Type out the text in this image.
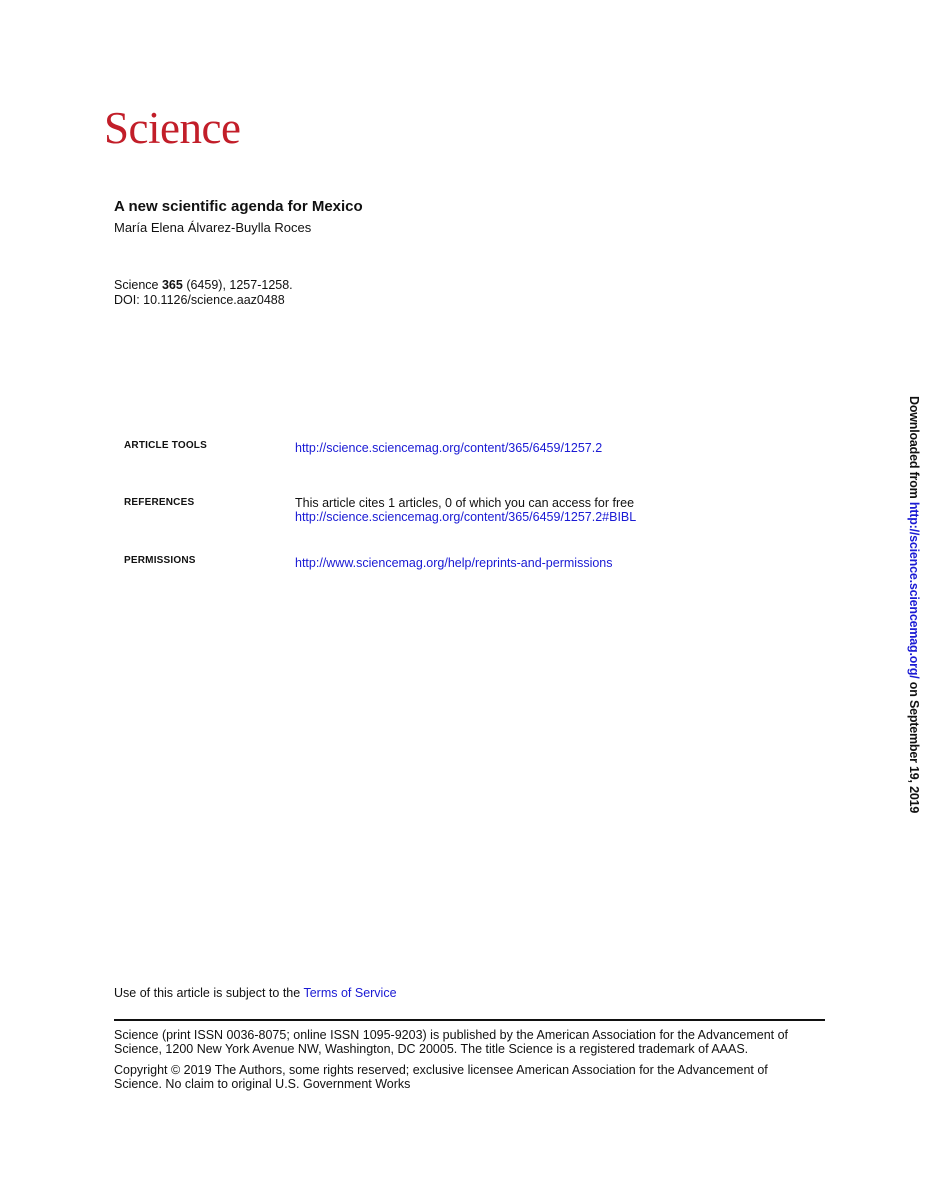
Science
A new scientific agenda for Mexico
María Elena Álvarez-Buylla Roces
Science 365 (6459), 1257-1258.
DOI: 10.1126/science.aaz0488
ARTICLE TOOLS	http://science.sciencemag.org/content/365/6459/1257.2
REFERENCES	This article cites 1 articles, 0 of which you can access for free
http://science.sciencemag.org/content/365/6459/1257.2#BIBL
PERMISSIONS	http://www.sciencemag.org/help/reprints-and-permissions
Use of this article is subject to the Terms of Service
Science (print ISSN 0036-8075; online ISSN 1095-9203) is published by the American Association for the Advancement of
Science, 1200 New York Avenue NW, Washington, DC 20005. The title Science is a registered trademark of AAAS.
Copyright © 2019 The Authors, some rights reserved; exclusive licensee American Association for the Advancement of
Science. No claim to original U.S. Government Works
Downloaded from http://science.sciencemag.org/ on September 19, 2019
